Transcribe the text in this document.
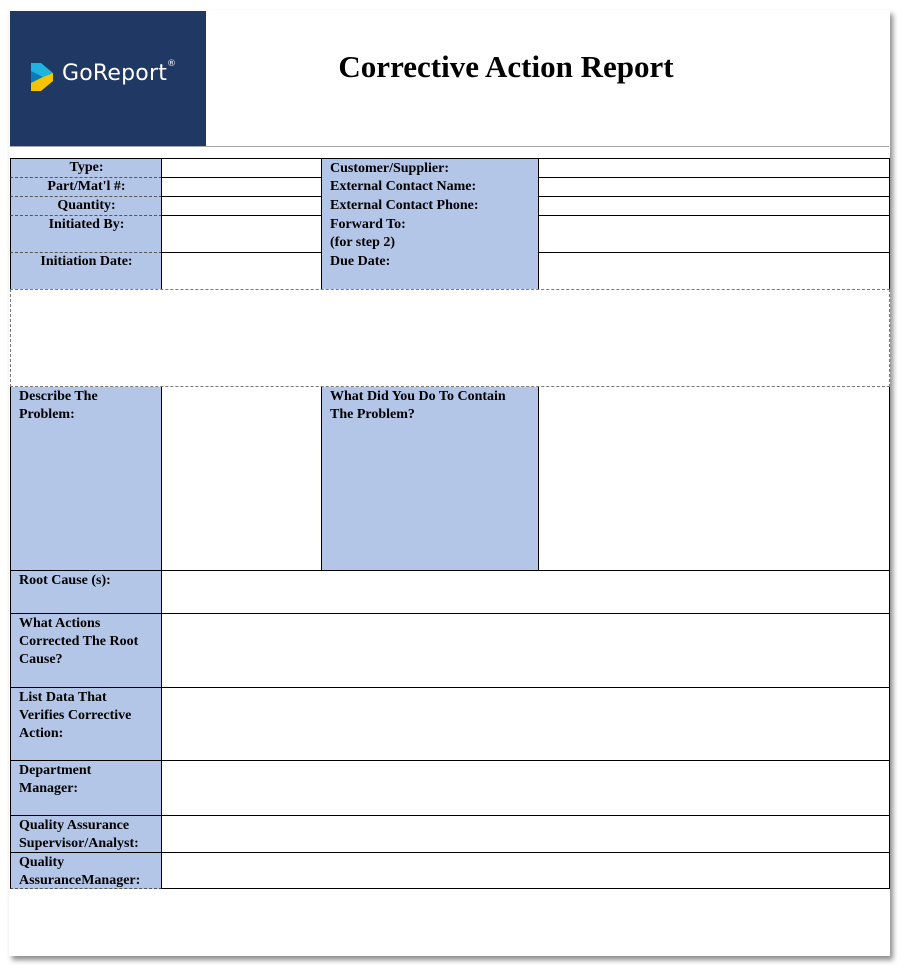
GoReport®	Corrective Action Report
Type:
Part/Mat'l #:
Quantity:
Initiated By:
Initiation Date:
Customer/Supplier:
External Contact Name:
External Contact Phone:
Forward To:
(for step 2)
Due Date:
Describe The
Problem:
What Did You Do To Contain
The Problem?
Root Cause (s):
What Actions
Corrected The Root
Cause?
List Data That
Verifies Corrective
Action:
Department
Manager:
Quality Assurance
Supervisor/Analyst:
Quality
AssuranceManager:
